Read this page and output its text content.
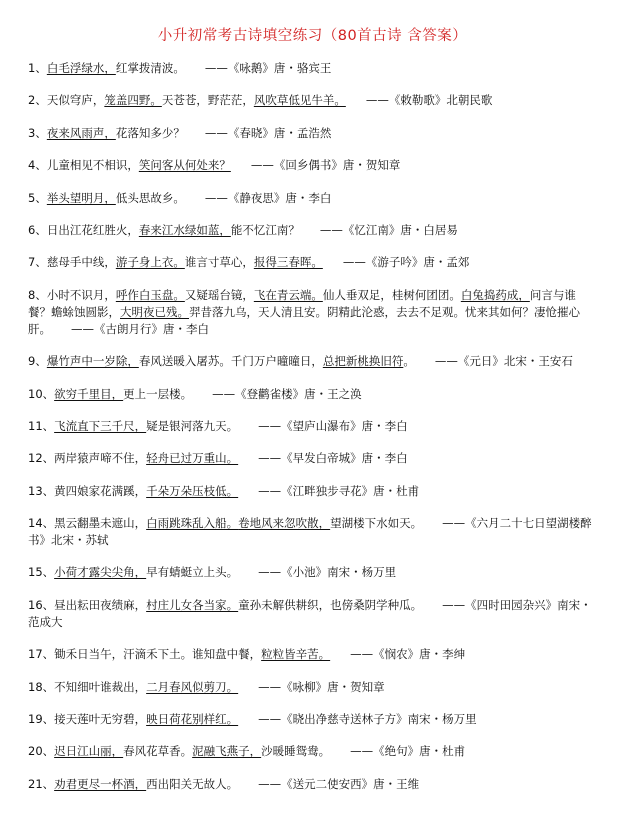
小升初常考古诗填空练习（80首古诗 含答案）
1、白毛浮绿水，红掌拨清波。 ——《咏鹅》唐・骆宾王
2、天似穹庐，笼盖四野。天苍苍，野茫茫，风吹草低见牛羊。 ——《敕勒歌》北朝民歌
3、夜来风雨声，花落知多少？ ——《春晓》唐・孟浩然
4、儿童相见不相识，笑问客从何处来？ ——《回乡偶书》唐・贺知章
5、举头望明月，低头思故乡。 ——《静夜思》唐・李白
6、日出江花红胜火，春来江水绿如蓝，能不忆江南？ ——《忆江南》唐・白居易
7、慈母手中线，游子身上衣。谁言寸草心，报得三春晖。 ——《游子吟》唐・孟郊
8、小时不识月，呼作白玉盘。又疑瑶台镜，飞在青云端。仙人垂双足，桂树何团团。白兔捣药成，问言与谁餐？蟾蜍蚀圆影，大明夜已残。羿昔落九乌，天人清且安。阴精此沦惑，去去不足观。忧来其如何？凄怆摧心肝。 ——《古朗月行》唐・李白
9、爆竹声中一岁除，春风送暖入屠苏。千门万户曈曈日，总把新桃换旧符。 ——《元日》北宋・王安石
10、欲穷千里目，更上一层楼。 ——《登鹳雀楼》唐・王之涣
11、飞流直下三千尺，疑是银河落九天。 ——《望庐山瀑布》唐・李白
12、两岸猿声啼不住，轻舟已过万重山。 ——《早发白帝城》唐・李白
13、黄四娘家花满蹊，千朵万朵压枝低。 ——《江畔独步寻花》唐・杜甫
14、黑云翻墨未遮山，白雨跳珠乱入船。卷地风来忽吹散，望湖楼下水如天。 ——《六月二十七日望湖楼醉书》北宋・苏轼
15、小荷才露尖尖角，早有蜻蜓立上头。 ——《小池》南宋・杨万里
16、昼出耘田夜绩麻，村庄儿女各当家。童孙未解供耕织，也傍桑阴学种瓜。 ——《四时田园杂兴》南宋・范成大
17、锄禾日当午，汗滴禾下土。谁知盘中餐，粒粒皆辛苦。 ——《悯农》唐・李绅
18、不知细叶谁裁出，二月春风似剪刀。 ——《咏柳》唐・贺知章
19、接天莲叶无穷碧，映日荷花别样红。 ——《晓出净慈寺送林子方》南宋・杨万里
20、迟日江山丽，春风花草香。泥融飞燕子，沙暖睡鸳鸯。 ——《绝句》唐・杜甫
21、劝君更尽一杯酒，西出阳关无故人。 ——《送元二使安西》唐・王维
